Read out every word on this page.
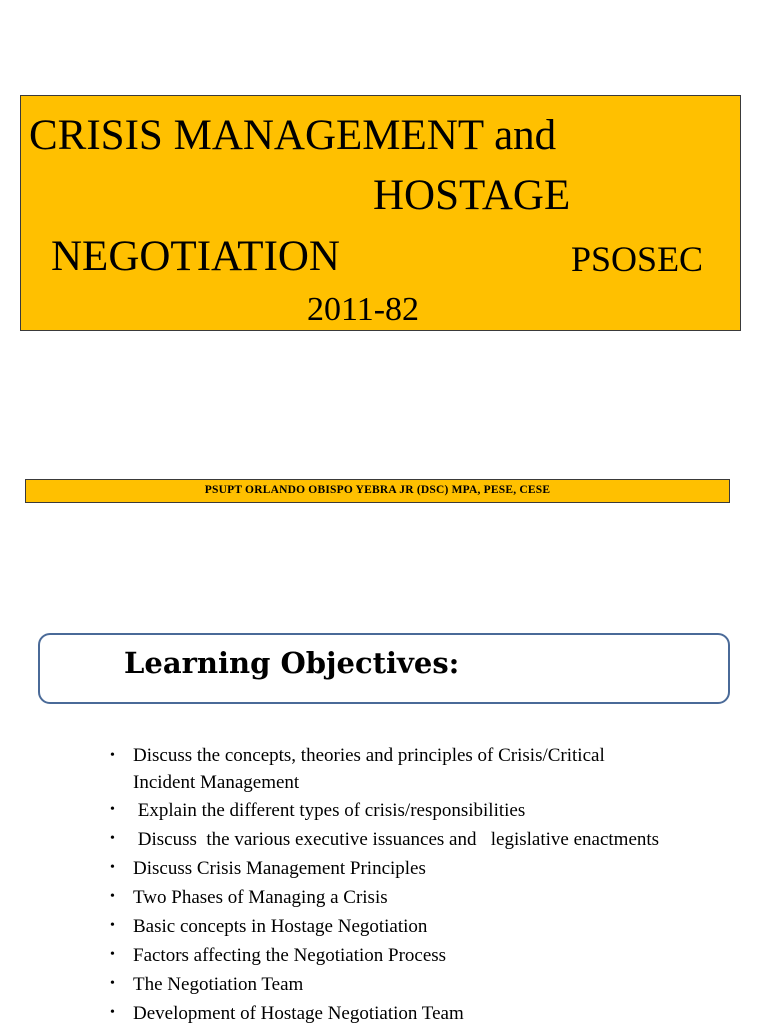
CRISIS MANAGEMENT and
HOSTAGE
NEGOTIATION	PSOSEC
2011-82
PSUPT ORLANDO OBISPO YEBRA JR (DSC) MPA, PESE, CESE
Learning Objectives:
• Discuss the concepts, theories and principles of Crisis/Critical
Incident Management
• Explain the different types of crisis/responsibilities
• Discuss  the various executive issuances and   legislative enactments
• Discuss Crisis Management Principles
• Two Phases of Managing a Crisis
• Basic concepts in Hostage Negotiation
• Factors affecting the Negotiation Process
• The Negotiation Team
• Development of Hostage Negotiation Team
